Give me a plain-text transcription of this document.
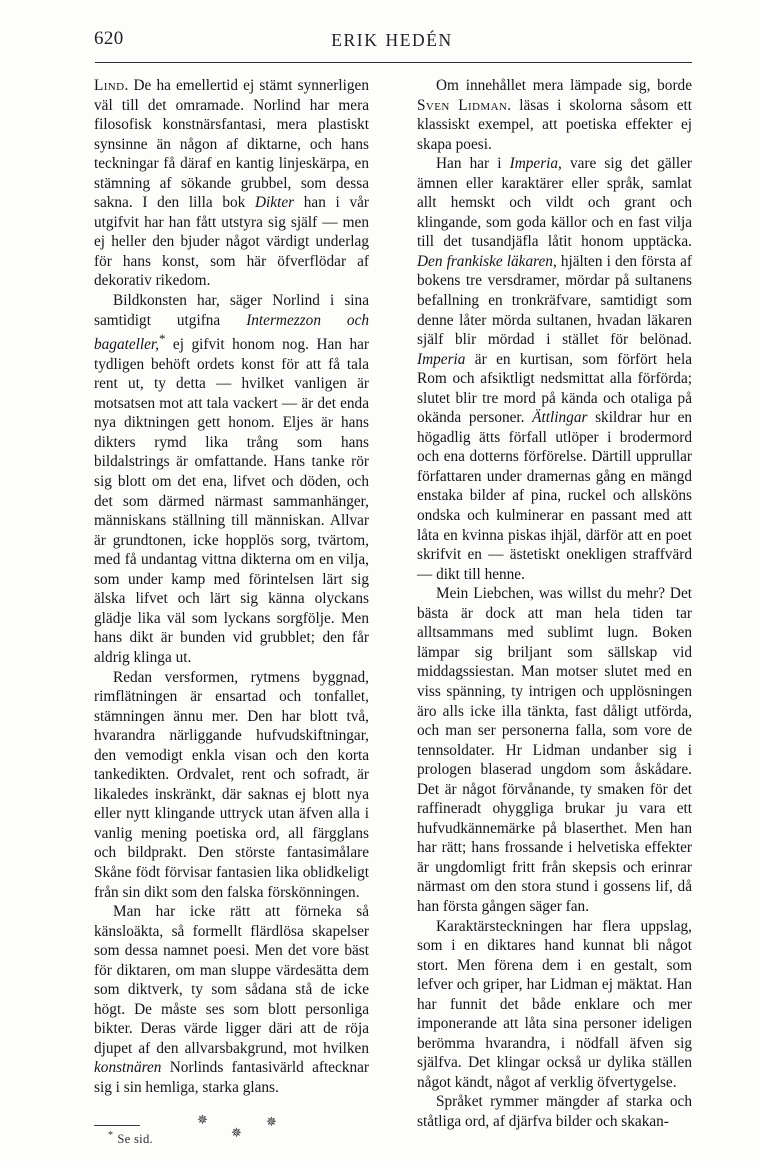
620	ERIK HEDÉN

Lind. De ha emellertid ej stämt synnerligen väl till det omramade. Norlind har mera filosofisk konstnärsfantasi, mera plastiskt synsinne än någon af diktarne, och hans teckningar få däraf en kantig linjeskärpa, en stämning af sökande grubbel, som dessa sakna. I den lilla bok Dikter han i vår utgifvit har han fått utstyra sig själf — men ej heller den bjuder något värdigt underlag för hans konst, som här öfverflödar af dekorativ rikedom.

Bildkonsten har, säger Norlind i sina samtidigt utgifna Intermezzon och bagateller,* ej gifvit honom nog. Han har tydligen behöft ordets konst för att få tala rent ut, ty detta — hvilket vanligen är motsatsen mot att tala vackert — är det enda nya diktningen gett honom. Eljes är hans dikters rymd lika trång som hans bildalstrings är omfattande. Hans tanke rör sig blott om det ena, lifvet och döden, och det som därmed närmast sammanhänger, människans ställning till människan. Allvar är grundtonen, icke hopplös sorg, tvärtom, med få undantag vittna dikterna om en vilja, som under kamp med förintelsen lärt sig älska lifvet och lärt sig känna olyckans glädje lika väl som lyckans sorgfölje. Men hans dikt är bunden vid grubblet; den får aldrig klinga ut.

Redan versformen, rytmens byggnad, rimflätningen är ensartad och tonfallet, stämningen ännu mer. Den har blott två, hvarandra närliggande hufvudskiftningar, den vemodigt enkla visan och den korta tankedikten. Ordvalet, rent och sofradt, är likaledes inskränkt, där saknas ej blott nya eller nytt klingande uttryck utan äfven alla i vanlig mening poetiska ord, all färgglans och bildprakt. Den störste fantasimålare Skåne födt förvisar fantasien lika oblidkeligt från sin dikt som den falska förskönningen.

Man har icke rätt att förneka så känsloäkta, så formellt flärdlösa skapelser som dessa namnet poesi. Men det vore bäst för diktaren, om man sluppe värdesätta dem som diktverk, ty som sådana stå de icke högt. De måste ses som blott personliga bikter. Deras värde ligger däri att de röja djupet af den allvarsbakgrund, mot hvilken konstnären Norlinds fantasivärld aftecknar sig i sin hemliga, starka glans.

✵	✵
✵
* Se sid.

Om innehållet mera lämpade sig, borde Sven Lidman. läsas i skolorna såsom ett klassiskt exempel, att poetiska effekter ej skapa poesi.

Han har i Imperia, vare sig det gäller ämnen eller karaktärer eller språk, samlat allt hemskt och vildt och grant och klingande, som goda källor och en fast vilja till det tusandjäfla låtit honom upptäcka. Den frankiske läkaren, hjälten i den första af bokens tre versdramer, mördar på sultanens befallning en tronkräfvare, samtidigt som denne låter mörda sultanen, hvadan läkaren själf blir mördad i stället för belönad. Imperia är en kurtisan, som förfört hela Rom och afsiktligt nedsmittat alla förförda; slutet blir tre mord på kända och otaliga på okända personer. Ättlingar skildrar hur en högadlig ätts förfall utlöper i brodermord och ena dotterns förförelse. Därtill upprullar författaren under dramernas gång en mängd enstaka bilder af pina, ruckel och allsköns ondska och kulminerar en passant med att låta en kvinna piskas ihjäl, därför att en poet skrifvit en — ästetiskt onekligen straffvärd — dikt till henne.

Mein Liebchen, was willst du mehr? Det bästa är dock att man hela tiden tar alltsammans med sublimt lugn. Boken lämpar sig briljant som sällskap vid middagssiestan. Man motser slutet med en viss spänning, ty intrigen och upplösningen äro alls icke illa tänkta, fast dåligt utförda, och man ser personerna falla, som vore de tennsoldater. Hr Lidman undanber sig i prologen blaserad ungdom som åskådare. Det är något förvånande, ty smaken för det raffineradt ohyggliga brukar ju vara ett hufvudkännemärke på blaserthet. Men han har rätt; hans frossande i helvetiska effekter är ungdomligt fritt från skepsis och erinrar närmast om den stora stund i gossens lif, då han första gången säger fan.

Karaktärsteckningen har flera uppslag, som i en diktares hand kunnat bli något stort. Men förena dem i en gestalt, som lefver och griper, har Lidman ej mäktat. Han har funnit det både enklare och mer imponerande att låta sina personer ideligen berömma hvarandra, i nödfall äfven sig själfva. Det klingar också ur dylika ställen något kändt, något af verklig öfvertygelse.

Språket rymmer mängder af starka och ståtliga ord, af djärfva bilder och skakan-
